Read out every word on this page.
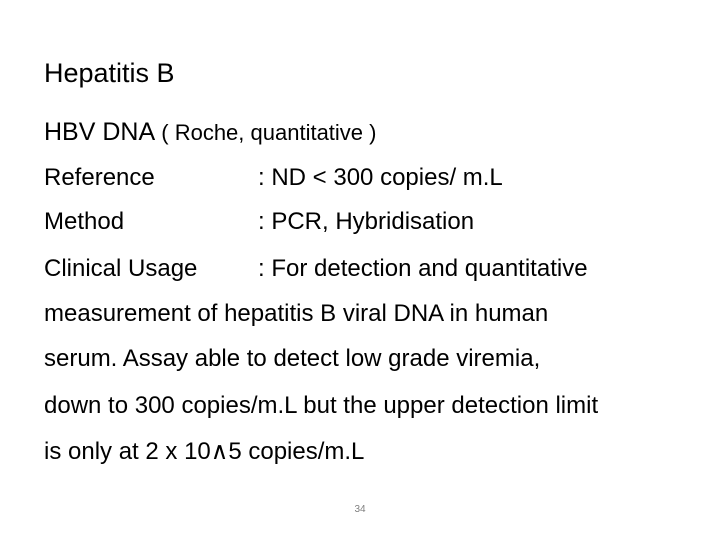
Hepatitis B
HBV DNA ( Roche, quantitative )
Reference	: ND < 300 copies/ m.L
Method	: PCR, Hybridisation
Clinical Usage	: For detection and quantitative
measurement of hepatitis B viral DNA in human
serum. Assay able to detect low grade viremia,
down to 300 copies/m.L but the upper detection limit
is only at 2 x 10∧5 copies/m.L
34
